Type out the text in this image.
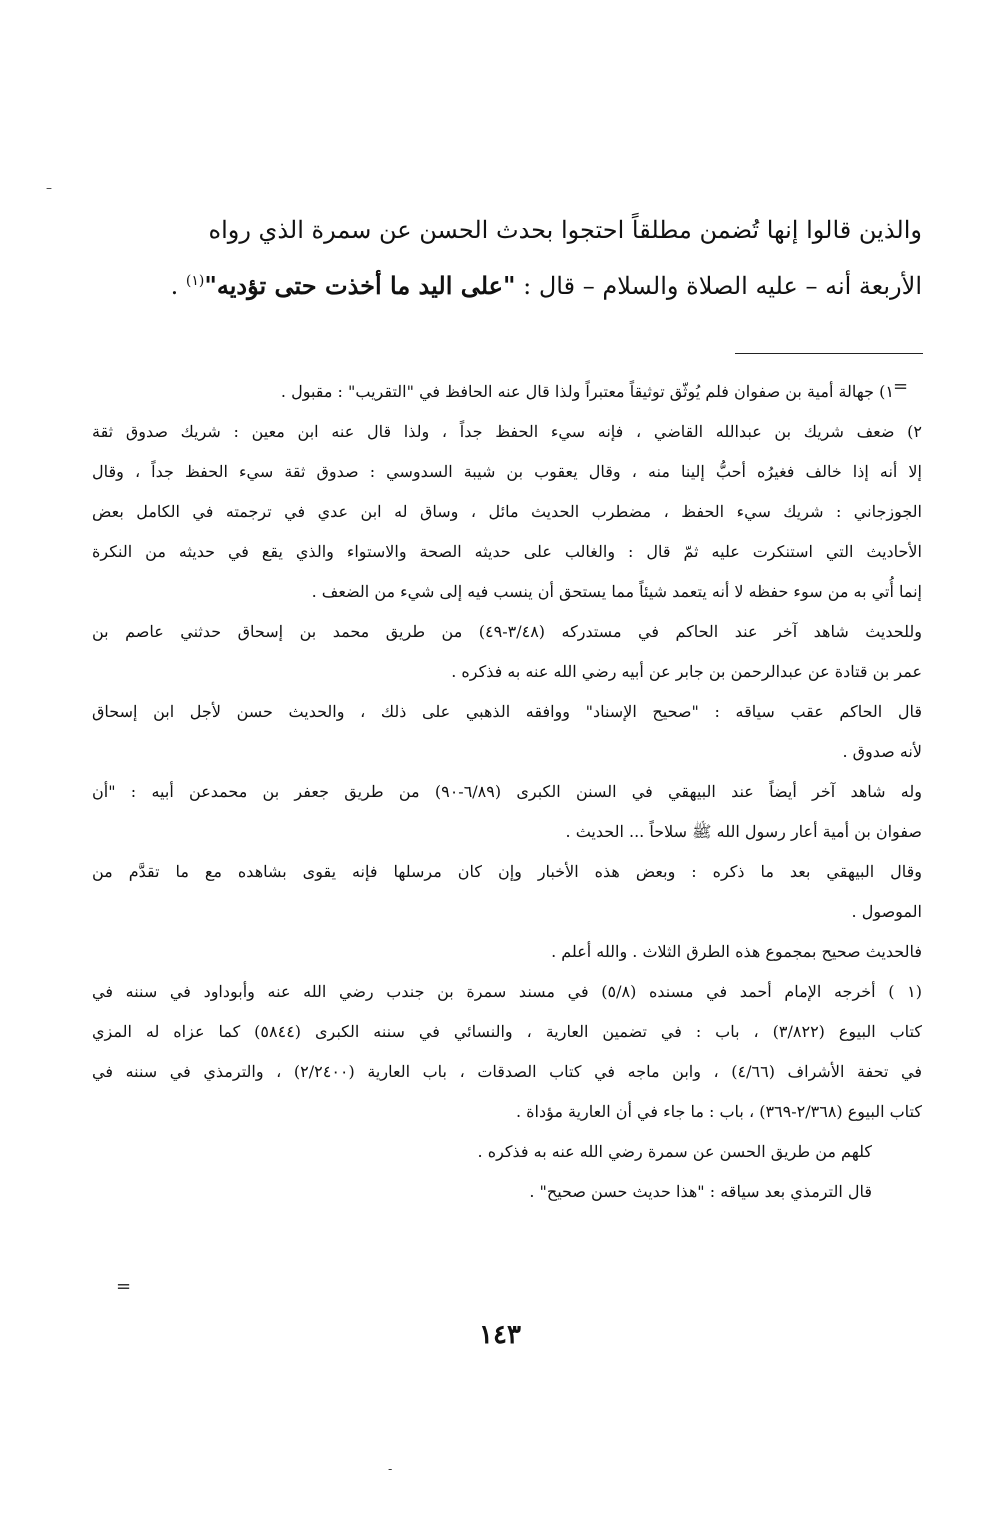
–
والذين قالوا إنها تُضمن مطلقاً احتجوا بحدث الحسن عن سمرة الذي رواه
الأربعة أنه – عليه الصلاة والسلام – قال : "على اليد ما أخذت حتى تؤديه"$^{(١)}$ .
=
١) جهالة أمية بن صفوان فلم يُوثّق توثيقاً معتبراً ولذا قال عنه الحافظ في "التقريب" : مقبول .
٢) ضعف شريك بن عبدالله القاضي ، فإنه سيء الحفظ جداً ، ولذا قال عنه ابن معين : شريك صدوق ثقة
إلا أنه إذا خالف فغيرُه أحبُّ إلينا منه ، وقال يعقوب بن شيبة السدوسي : صدوق ثقة سيء الحفظ جداً ، وقال
الجوزجاني : شريك سيء الحفظ ، مضطرب الحديث مائل ، وساق له ابن عدي في ترجمته في الكامل بعض
الأحاديث التي استنكرت عليه ثمّ قال : والغالب على حديثه الصحة والاستواء والذي يقع في حديثه من النكرة
إنما أُتي به من سوء حفظه لا أنه يتعمد شيئاً مما يستحق أن ينسب فيه إلى شيء من الضعف .
وللحديث شاهد آخر عند الحاكم في مستدركه (٣/٤٨-٤٩) من طريق محمد بن إسحاق حدثني عاصم بن
عمر بن قتادة عن عبدالرحمن بن جابر عن أبيه رضي الله عنه به فذكره .
قال الحاكم عقب سياقه : "صحيح الإسناد" ووافقه الذهبي على ذلك ، والحديث حسن لأجل ابن إسحاق
لأنه صدوق .
وله شاهد آخر أيضاً عند البيهقي في السنن الكبرى (٦/٨٩-٩٠) من طريق جعفر بن محمدعن أبيه : "أن
صفوان بن أمية أعار رسول الله ﷺ سلاحاً ... الحديث .
وقال البيهقي بعد ما ذكره : وبعض هذه الأخبار وإن كان مرسلها فإنه يقوى بشاهده مع ما تقدَّم من
الموصول .
فالحديث صحيح بمجموع هذه الطرق الثلاث . والله أعلم .
(١ ) أخرجه الإمام أحمد في مسنده (٥/٨) في مسند سمرة بن جندب رضي الله عنه وأبوداود في سننه في
كتاب البيوع (٣/٨٢٢) ، باب : في تضمين العارية ، والنسائي في سننه الكبرى (٥٨٤٤) كما عزاه له المزي
في تحفة الأشراف (٤/٦٦) ، وابن ماجه في كتاب الصدقات ، باب العارية (٢/٢٤٠٠) ، والترمذي في سننه في
كتاب البيوع (٢/٣٦٨-٣٦٩) ، باب : ما جاء في أن العارية مؤداة .
كلهم من طريق الحسن عن سمرة رضي الله عنه به فذكره .
قال الترمذي بعد سياقه : "هذا حديث حسن صحيح" .
=
١٤٣
-
